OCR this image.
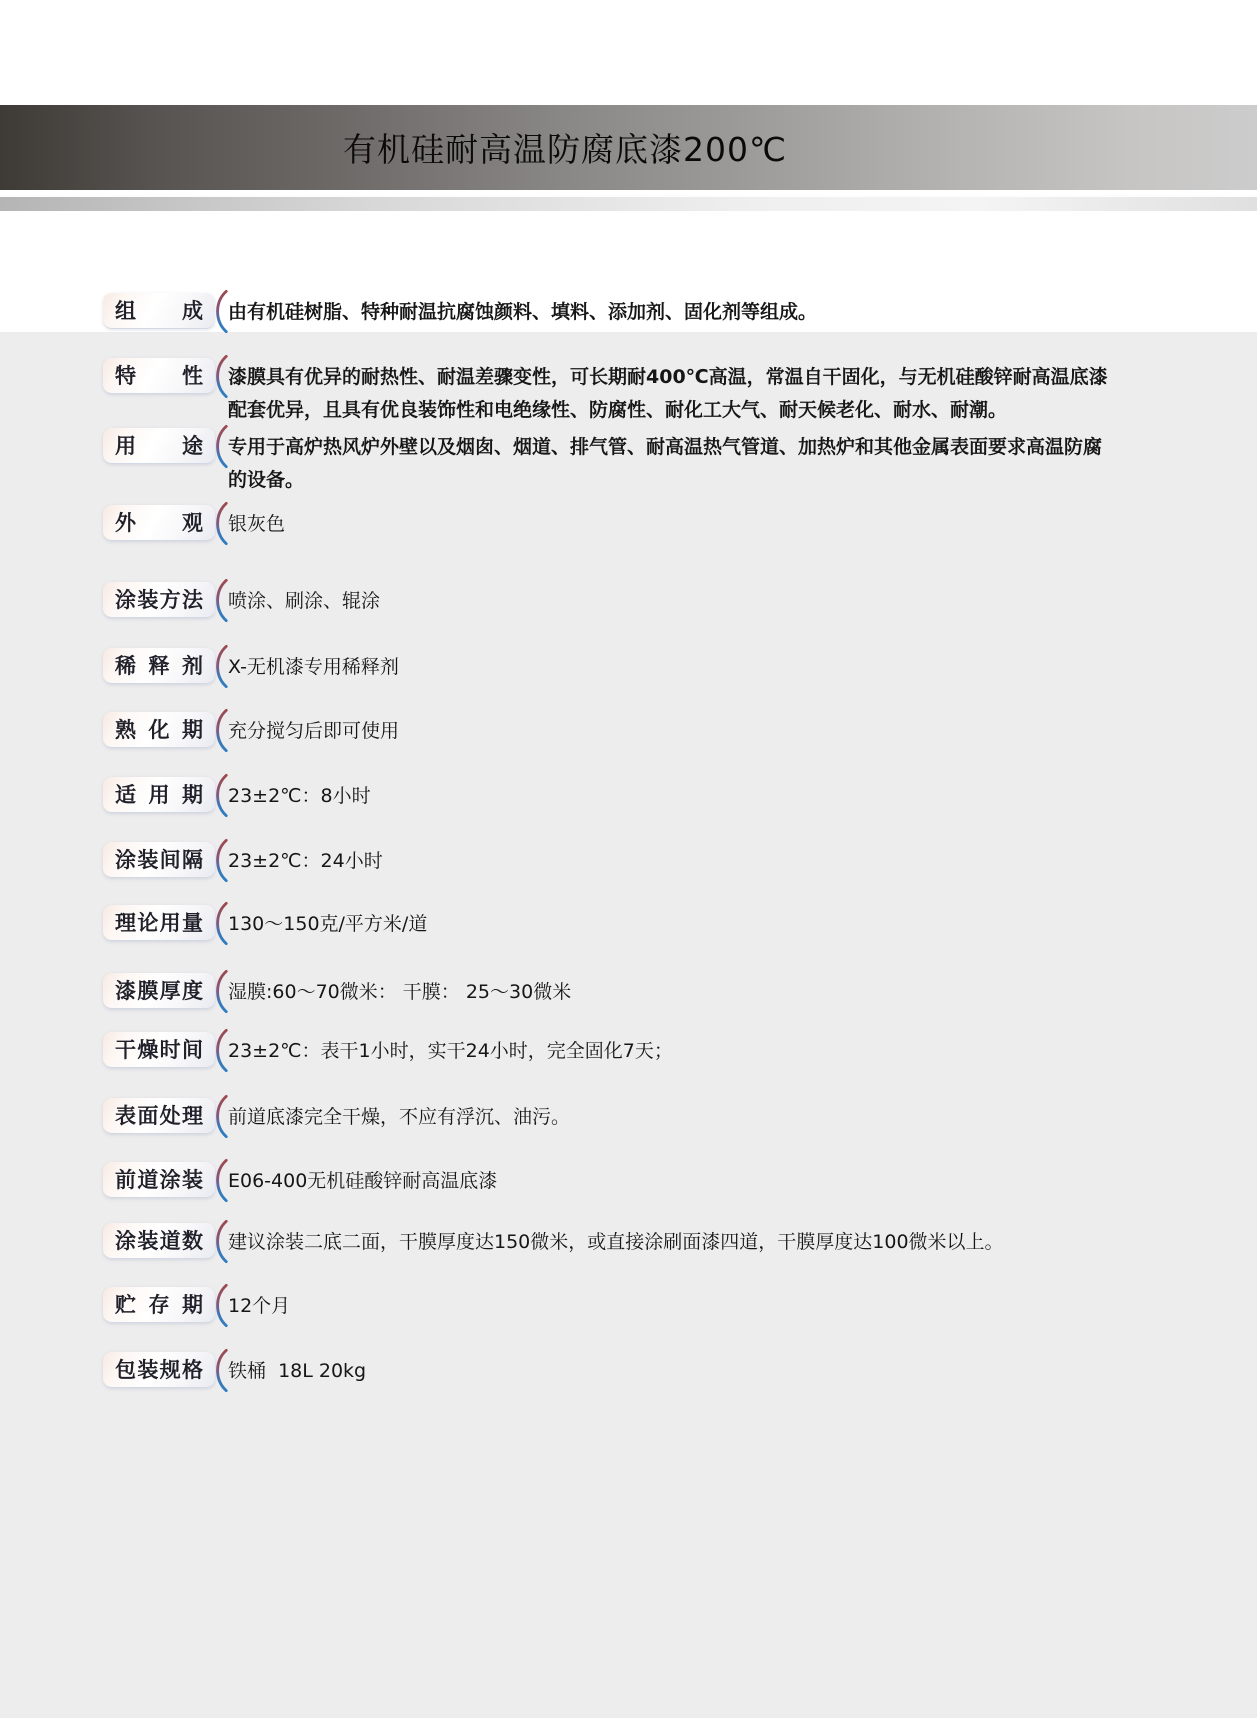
有机硅耐高温防腐底漆200℃
组 成 由有机硅树脂、特种耐温抗腐蚀颜料、填料、添加剂、固化剂等组成。
特 性 漆膜具有优异的耐热性、耐温差骤变性，可长期耐400℃高温，常温自干固化，与无机硅酸锌耐高温底漆配套优异，且具有优良装饰性和电绝缘性、防腐性、耐化工大气、耐天候老化、耐水、耐潮。
用 途 专用于高炉热风炉外壁以及烟囱、烟道、排气管、耐高温热气管道、加热炉和其他金属表面要求高温防腐的设备。
外 观 银灰色
涂装方法 喷涂、刷涂、辊涂
稀 释 剂 X-无机漆专用稀释剂
熟 化 期 充分搅匀后即可使用
适 用 期 23±2℃：8小时
涂装间隔 23±2℃：24小时
理论用量 130～150克/平方米/道
漆膜厚度 湿膜:60～70微米： 干膜： 25～30微米
干燥时间 23±2℃：表干1小时，实干24小时，完全固化7天；
表面处理 前道底漆完全干燥，不应有浮沉、油污。
前道涂装 E06-400无机硅酸锌耐高温底漆
涂装道数 建议涂装二底二面，干膜厚度达150微米，或直接涂刷面漆四道，干膜厚度达100微米以上。
贮 存 期 12个月
包装规格 铁桶  18L 20kg
